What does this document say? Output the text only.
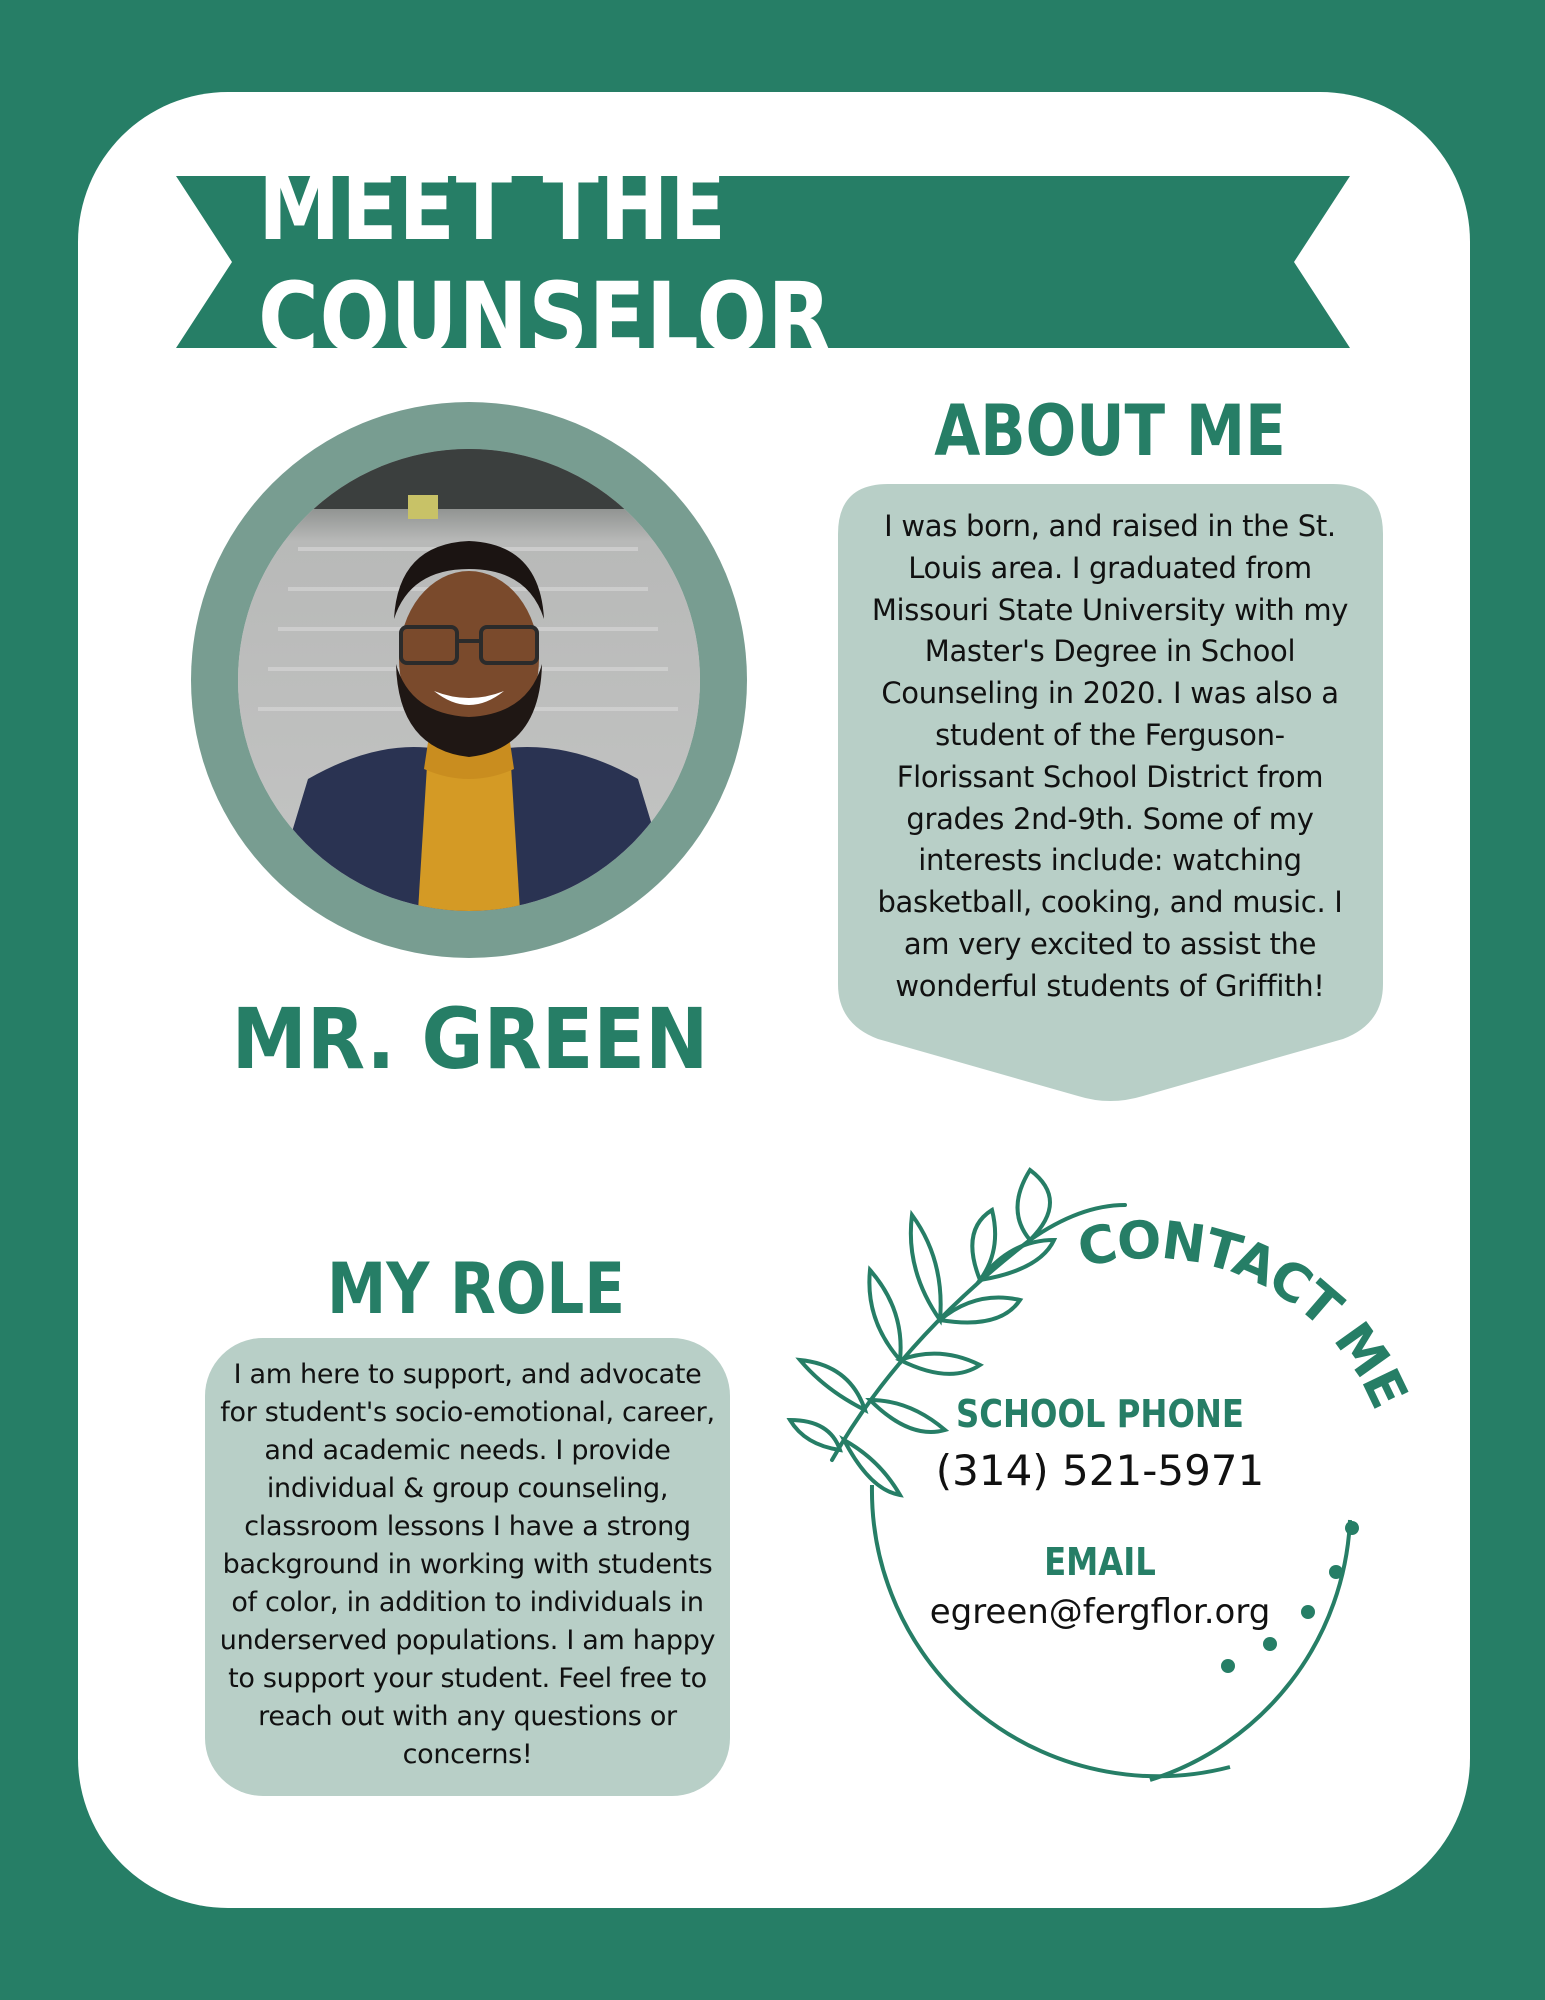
MEET THE COUNSELOR
MR. GREEN
ABOUT ME

I was born, and raised in the St. Louis area. I graduated from Missouri State University with my Master's Degree in School Counseling in 2020. I was also a student of the Ferguson-Florissant School District from grades 2nd-9th. Some of my interests include: watching basketball, cooking, and music. I am very excited to assist the wonderful students of Griffith!

MY ROLE

I am here to support, and advocate for student's socio-emotional, career, and academic needs. I provide individual & group counseling, classroom lessons I have a strong background in working with students of color, in addition to individuals in underserved populations. I am happy to support your student. Feel free to reach out with any questions or concerns!

CONTACT ME
SCHOOL PHONE

(314) 521-5971

EMAIL

egreen@fergflor.org
